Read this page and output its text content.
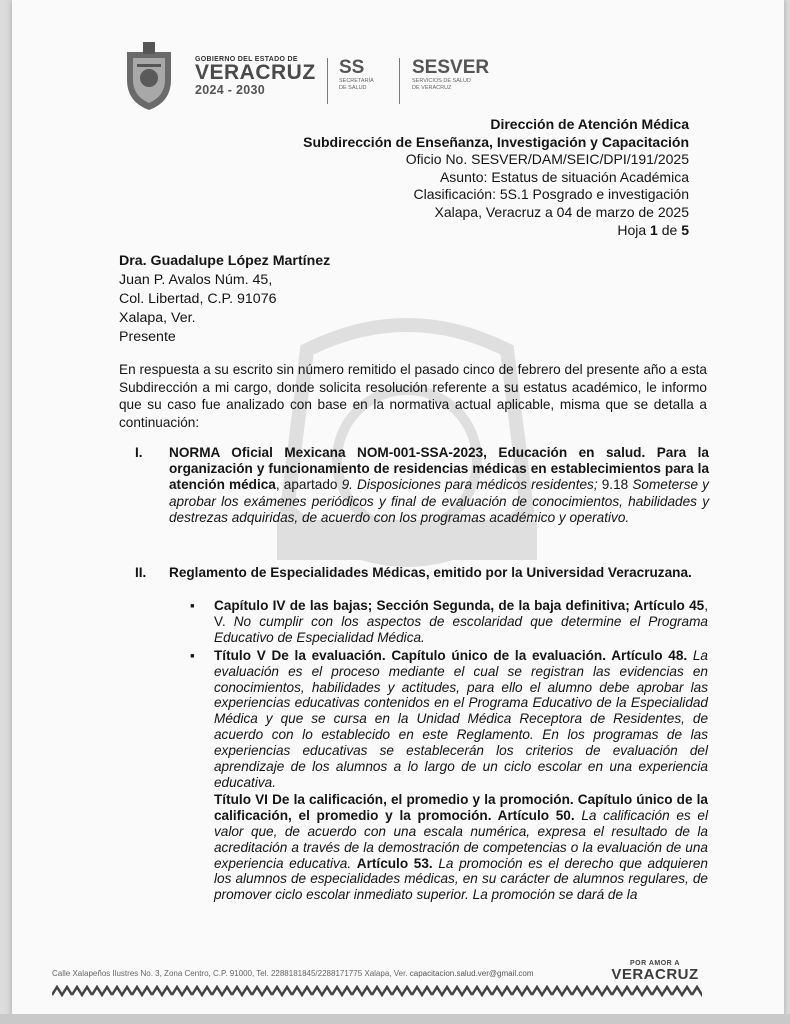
GOBIERNO DEL ESTADO DE
VERACRUZ
2024 - 2030
SS
SECRETARÍA
DE SALUD
SESVER
SERVICIOS DE SALUD
DE VERACRUZ
Dirección de Atención Médica
Subdirección de Enseñanza, Investigación y Capacitación
Oficio No. SESVER/DAM/SEIC/DPI/191/2025
Asunto: Estatus de situación Académica
Clasificación: 5S.1 Posgrado e investigación
Xalapa, Veracruz a 04 de marzo de 2025
Hoja 1 de 5
Dra. Guadalupe López Martínez
Juan P. Avalos Núm. 45,
Col. Libertad, C.P. 91076
Xalapa, Ver.
Presente
En respuesta a su escrito sin número remitido el pasado cinco de febrero del presente año a esta Subdirección a mi cargo, donde solicita resolución referente a su estatus académico, le informo que su caso fue analizado con base en la normativa actual aplicable, misma que se detalla a continuación:
I. NORMA Oficial Mexicana NOM-001-SSA-2023, Educación en salud. Para la organización y funcionamiento de residencias médicas en establecimientos para la atención médica, apartado 9. Disposiciones para médicos residentes; 9.18 Someterse y aprobar los exámenes periódicos y final de evaluación de conocimientos, habilidades y destrezas adquiridas, de acuerdo con los programas académico y operativo.
II. Reglamento de Especialidades Médicas, emitido por la Universidad Veracruzana.
▪ Capítulo IV de las bajas; Sección Segunda, de la baja definitiva; Artículo 45, V. No cumplir con los aspectos de escolaridad que determine el Programa Educativo de Especialidad Médica.
▪ Título V De la evaluación. Capítulo único de la evaluación. Artículo 48. La evaluación es el proceso mediante el cual se registran las evidencias en conocimientos, habilidades y actitudes, para ello el alumno debe aprobar las experiencias educativas contenidos en el Programa Educativo de la Especialidad Médica y que se cursa en la Unidad Médica Receptora de Residentes, de acuerdo con lo establecido en este Reglamento. En los programas de las experiencias educativas se establecerán los criterios de evaluación del aprendizaje de los alumnos a lo largo de un ciclo escolar en una experiencia educativa.
Título VI De la calificación, el promedio y la promoción. Capítulo único de la calificación, el promedio y la promoción. Artículo 50. La calificación es el valor que, de acuerdo con una escala numérica, expresa el resultado de la acreditación a través de la demostración de competencias o la evaluación de una experiencia educativa. Artículo 53. La promoción es el derecho que adquieren los alumnos de especialidades médicas, en su carácter de alumnos regulares, de promover ciclo escolar inmediato superior. La promoción se dará de la
Calle Xalapeños Ilustres No. 3, Zona Centro, C.P. 91000, Tel. 2288181845/2288171775 Xalapa, Ver. capacitacion.salud.ver@gmail.com
POR AMOR A
VERACRUZ
